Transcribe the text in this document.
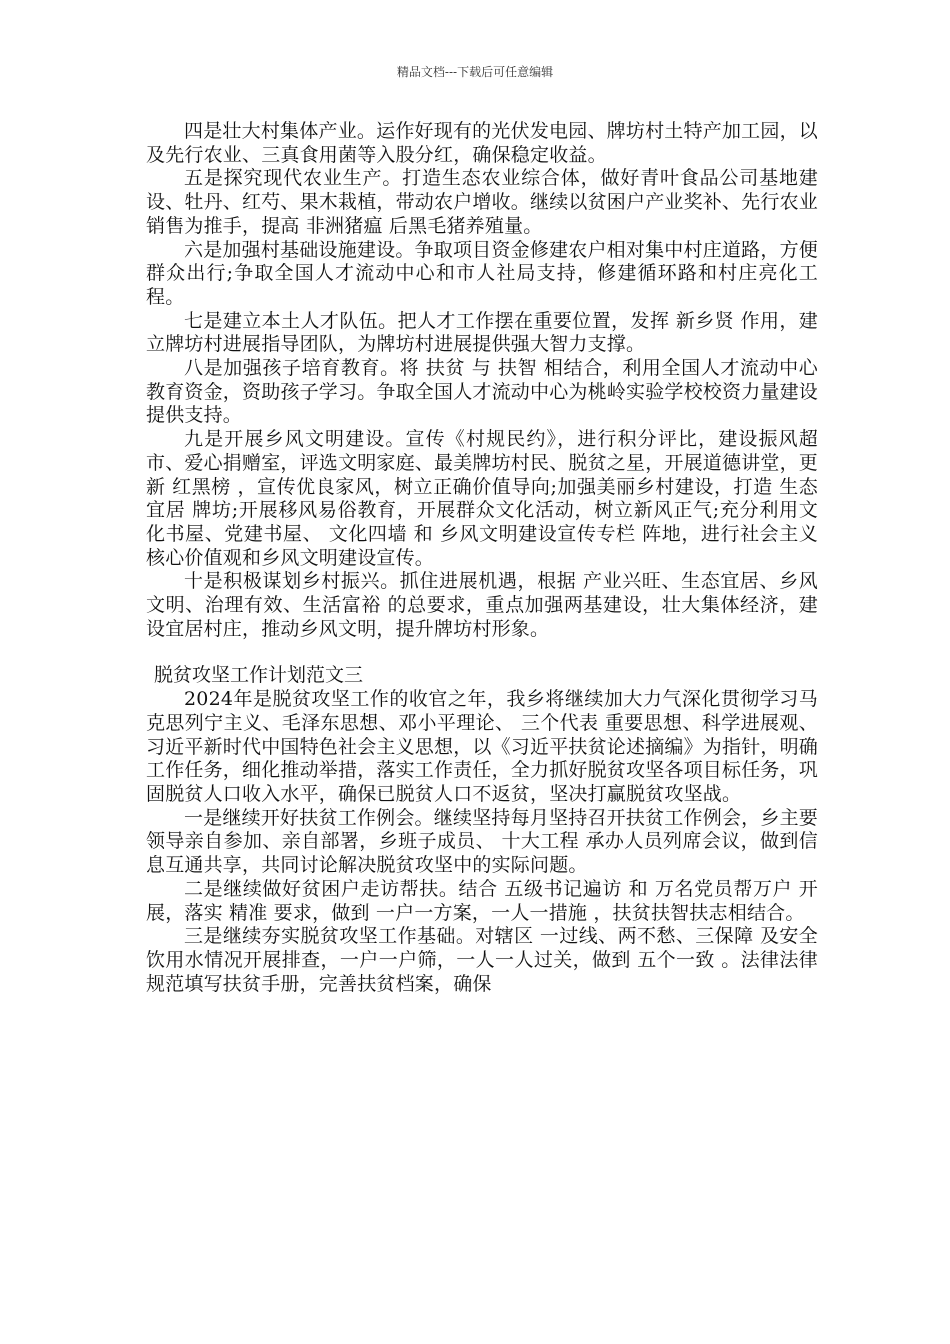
精品文档---下载后可任意编辑

四是壮大村集体产业。运作好现有的光伏发电园、牌坊村土特产加工园，以及先行农业、三真食用菌等入股分红，确保稳定收益。

五是探究现代农业生产。打造生态农业综合体，做好青叶食品公司基地建设、牡丹、红芍、果木栽植，带动农户增收。继续以贫困户产业奖补、先行农业销售为推手，提高 非洲猪瘟 后黑毛猪养殖量。

六是加强村基础设施建设。争取项目资金修建农户相对集中村庄道路，方便群众出行;争取全国人才流动中心和市人社局支持，修建循环路和村庄亮化工程。

七是建立本土人才队伍。把人才工作摆在重要位置，发挥 新乡贤 作用，建立牌坊村进展指导团队，为牌坊村进展提供强大智力支撑。

八是加强孩子培育教育。将 扶贫 与 扶智 相结合，利用全国人才流动中心教育资金，资助孩子学习。争取全国人才流动中心为桃岭实验学校校资力量建设提供支持。

九是开展乡风文明建设。宣传《村规民约》，进行积分评比，建设振风超市、爱心捐赠室，评选文明家庭、最美牌坊村民、脱贫之星，开展道德讲堂，更新 红黑榜 ，宣传优良家风，树立正确价值导向;加强美丽乡村建设，打造 生态宜居 牌坊;开展移风易俗教育，开展群众文化活动，树立新风正气;充分利用文化书屋、党建书屋、 文化四墙 和 乡风文明建设宣传专栏 阵地，进行社会主义核心价值观和乡风文明建设宣传。

十是积极谋划乡村振兴。抓住进展机遇，根据 产业兴旺、生态宜居、乡风文明、治理有效、生活富裕 的总要求，重点加强两基建设，壮大集体经济，建设宜居村庄，推动乡风文明，提升牌坊村形象。

脱贫攻坚工作计划范文三

2024年是脱贫攻坚工作的收官之年，我乡将继续加大力气深化贯彻学习马克思列宁主义、毛泽东思想、邓小平理论、 三个代表 重要思想、科学进展观、习近平新时代中国特色社会主义思想，以《习近平扶贫论述摘编》为指针，明确工作任务，细化推动举措，落实工作责任，全力抓好脱贫攻坚各项目标任务，巩固脱贫人口收入水平，确保已脱贫人口不返贫，坚决打赢脱贫攻坚战。

一是继续开好扶贫工作例会。继续坚持每月坚持召开扶贫工作例会，乡主要领导亲自参加、亲自部署，乡班子成员、 十大工程 承办人员列席会议，做到信息互通共享，共同讨论解决脱贫攻坚中的实际问题。

二是继续做好贫困户走访帮扶。结合 五级书记遍访 和 万名党员帮万户 开展，落实 精准 要求，做到 一户一方案，一人一措施 ，扶贫扶智扶志相结合。

三是继续夯实脱贫攻坚工作基础。对辖区 一过线、两不愁、三保障 及安全饮用水情况开展排查，一户一户筛，一人一人过关，做到 五个一致 。法律法律规范填写扶贫手册，完善扶贫档案，确保
